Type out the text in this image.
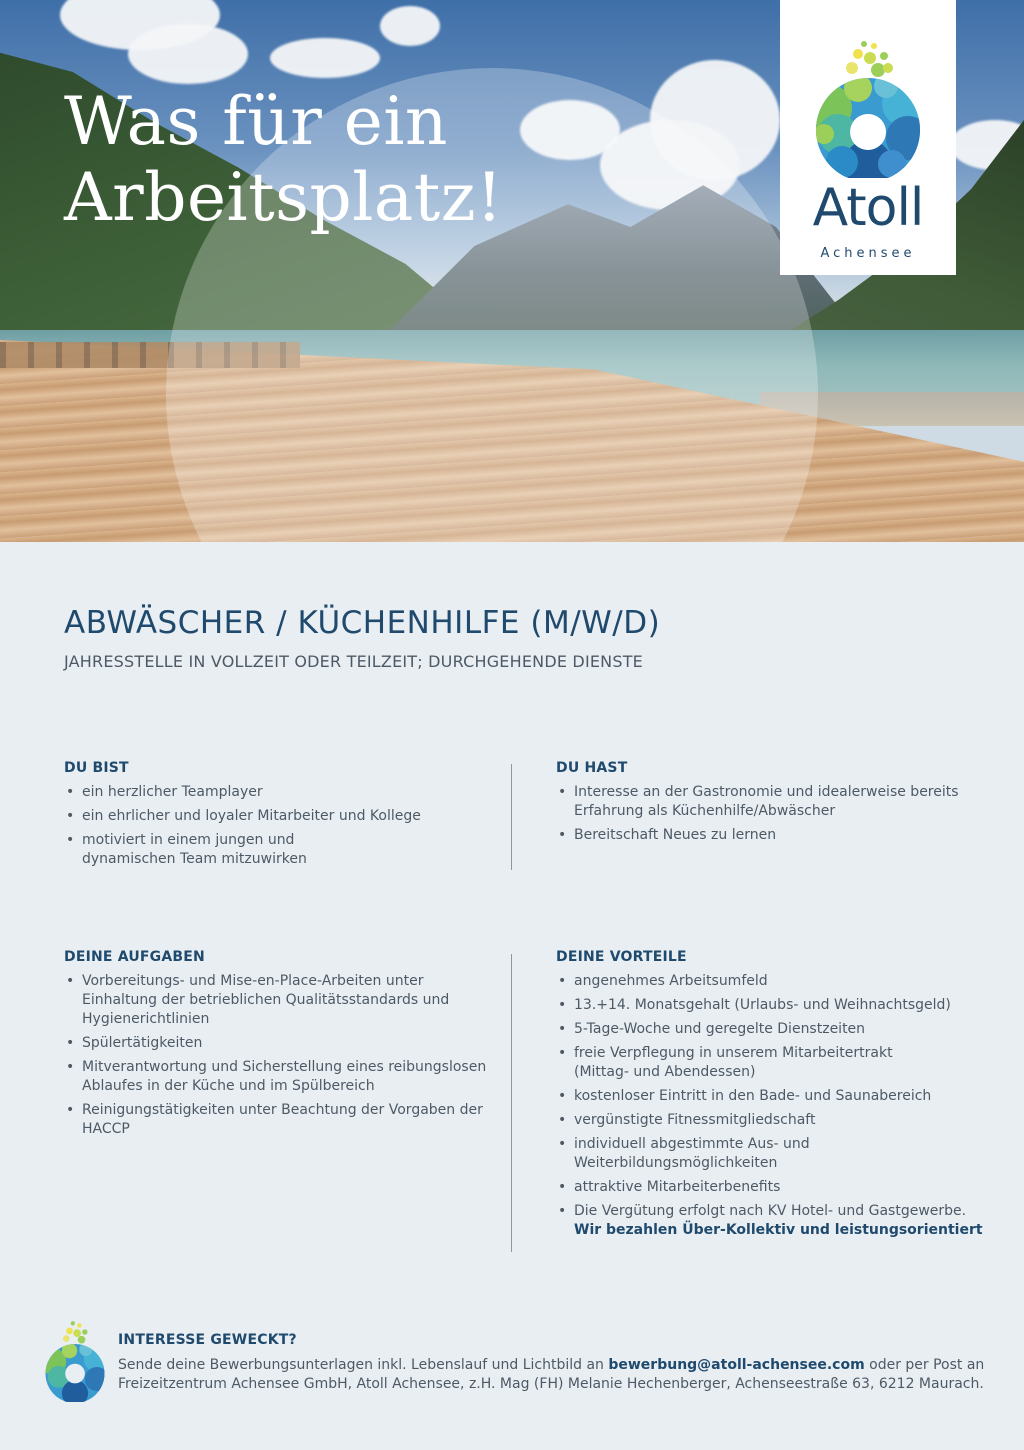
Was für ein
Arbeitsplatz!	Atoll
Achensee
ABWÄSCHER / KÜCHENHILFE (M/W/D)
JAHRESSTELLE IN VOLLZEIT ODER TEILZEIT; DURCHGEHENDE DIENSTE
DU BIST
• ein herzlicher Teamplayer
• ein ehrlicher und loyaler Mitarbeiter und Kollege
• motiviert in einem jungen und dynamischen Team mitzuwirken
DU HAST
• Interesse an der Gastronomie und idealerweise bereits Erfahrung als Küchenhilfe/Abwäscher
• Bereitschaft Neues zu lernen
DEINE AUFGABEN
• Vorbereitungs- und Mise-en-Place-Arbeiten unter Einhaltung der betrieblichen Qualitätsstandards und Hygienerichtlinien
• Spülertätigkeiten
• Mitverantwortung und Sicherstellung eines reibungslosen Ablaufes in der Küche und im Spülbereich
• Reinigungstätigkeiten unter Beachtung der Vorgaben der HACCP
DEINE VORTEILE
• angenehmes Arbeitsumfeld
• 13.+14. Monatsgehalt (Urlaubs- und Weihnachtsgeld)
• 5-Tage-Woche und geregelte Dienstzeiten
• freie Verpflegung in unserem Mitarbeitertrakt (Mittag- und Abendessen)
• kostenloser Eintritt in den Bade- und Saunabereich
• vergünstigte Fitnessmitgliedschaft
• individuell abgestimmte Aus- und Weiterbildungsmöglichkeiten
• attraktive Mitarbeiterbenefits
• Die Vergütung erfolgt nach KV Hotel- und Gastgewerbe.
Wir bezahlen Über-Kollektiv und leistungsorientiert
INTERESSE GEWECKT?

Sende deine Bewerbungsunterlagen inkl. Lebenslauf und Lichtbild an bewerbung@atoll-achensee.com oder per Post an Freizeitzentrum Achensee GmbH, Atoll Achensee, z.H. Mag (FH) Melanie Hechenberger, Achenseestraße 63, 6212 Maurach.
